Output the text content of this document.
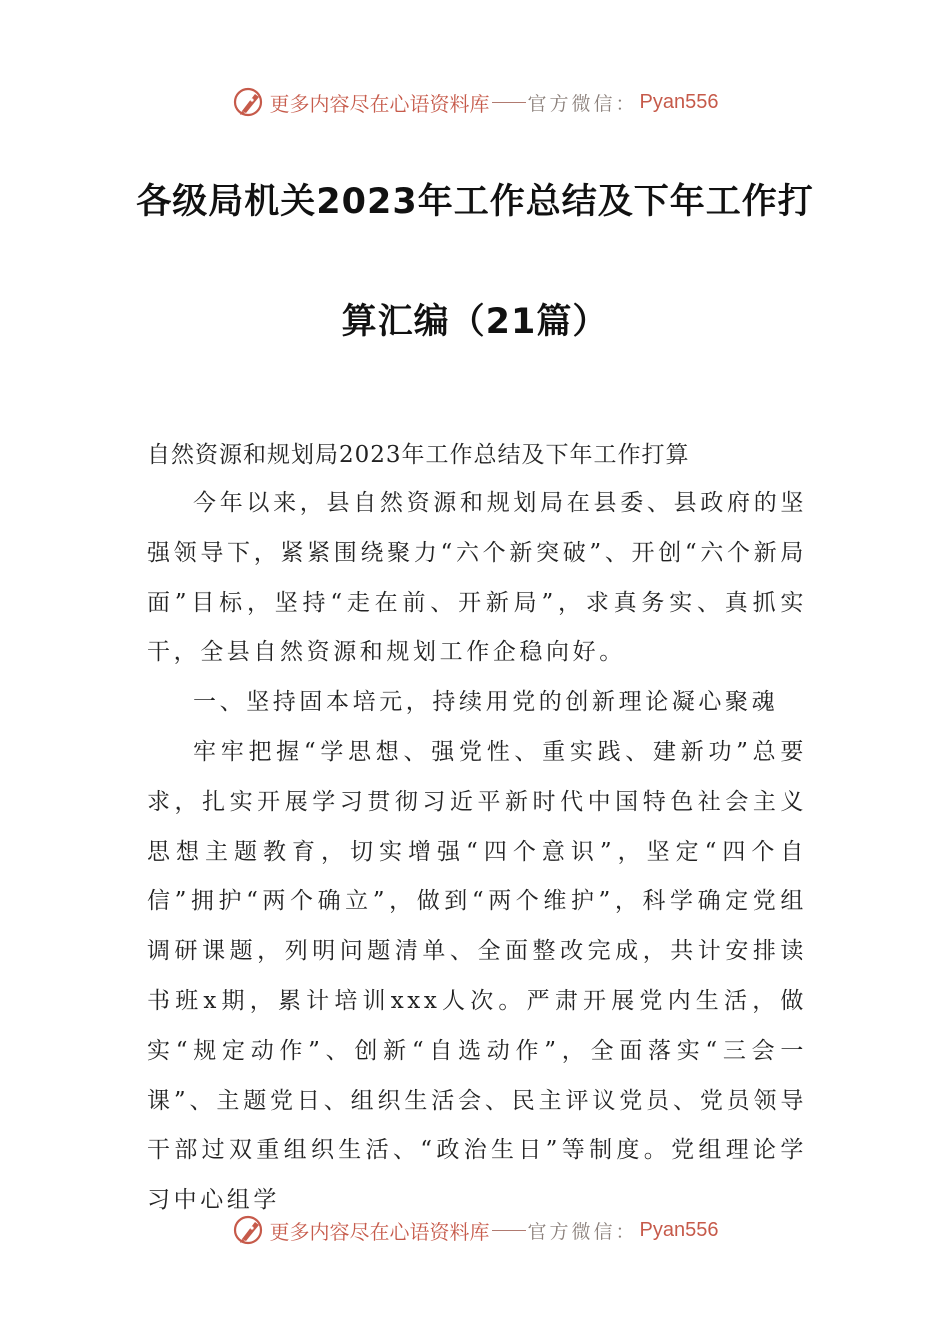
更多内容尽在心语资料库 官方微信： Pyan556
各级局机关2023年工作总结及下年工作打
算汇编（21篇）
自然资源和规划局2023年工作总结及下年工作打算

今年以来，县自然资源和规划局在县委、县政府的坚强领导下，紧紧围绕聚力“六个新突破”、开创“六个新局面”目标，坚持“走在前、开新局”，求真务实、真抓实干，全县自然资源和规划工作企稳向好。

一、坚持固本培元，持续用党的创新理论凝心聚魂

牢牢把握“学思想、强党性、重实践、建新功”总要求，扎实开展学习贯彻习近平新时代中国特色社会主义思想主题教育，切实增强“四个意识”，坚定“四个自信”拥护“两个确立”，做到“两个维护”，科学确定党组调研课题，列明问题清单、全面整改完成，共计安排读书班x期，累计培训xxx人次。严肃开展党内生活，做实“规定动作”、创新“自选动作”，全面落实“三会一课”、主题党日、组织生活会、民主评议党员、党员领导干部过双重组织生活、“政治生日”等制度。党组理论学习中心组学

更多内容尽在心语资料库 官方微信： Pyan556
